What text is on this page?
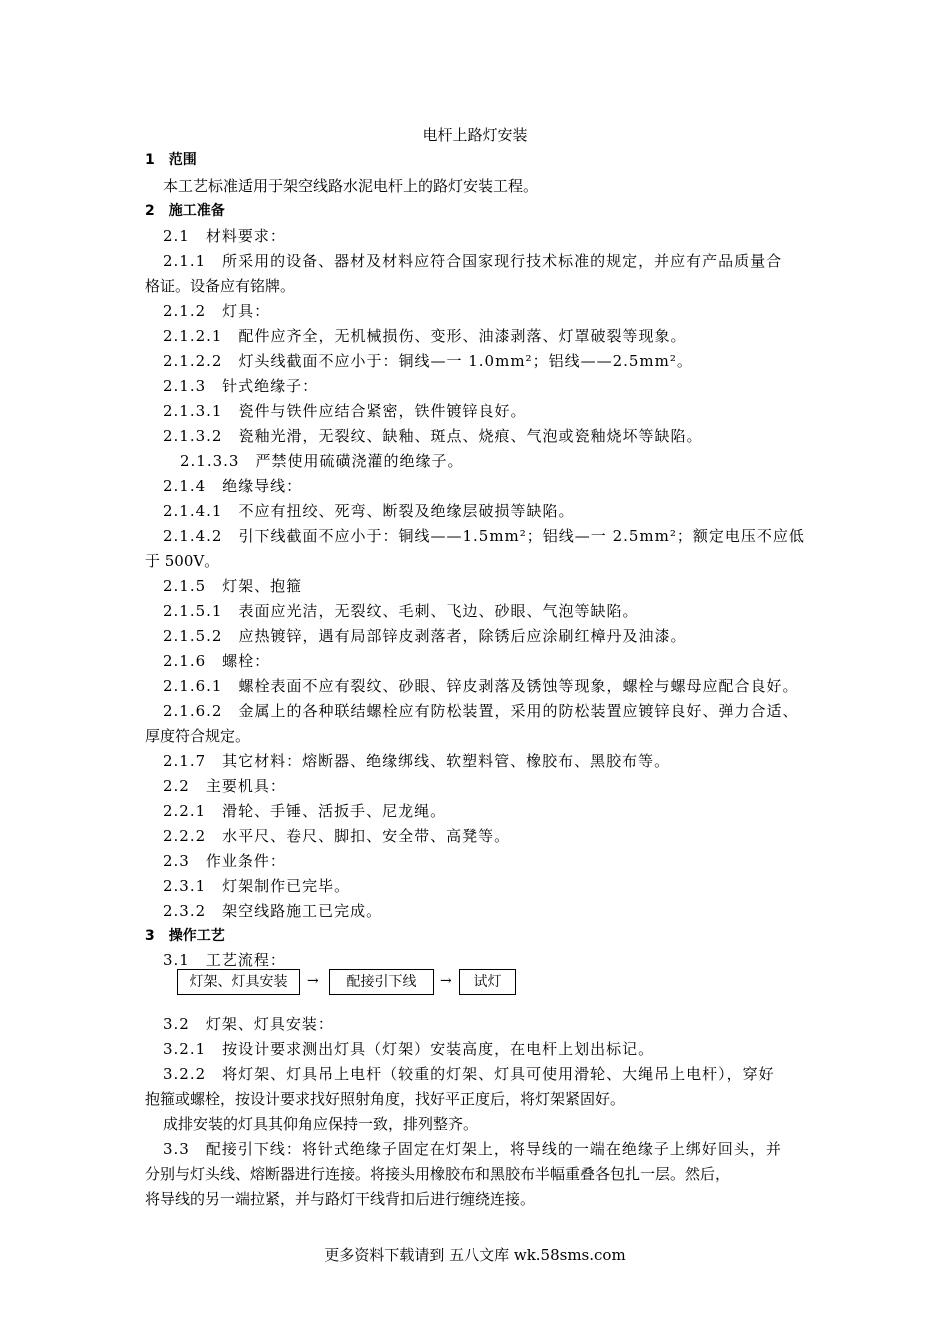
电杆上路灯安装
1　范围
本工艺标准适用于架空线路水泥电杆上的路灯安装工程。
2　施工准备
2.1　材料要求：
2.1.1　所采用的设备、器材及材料应符合国家现行技术标准的规定，并应有产品质量合
格证。设备应有铭牌。
2.1.2　灯具：
2.1.2.1　配件应齐全，无机械损伤、变形、油漆剥落、灯罩破裂等现象。
2.1.2.2　灯头线截面不应小于：铜线—一 1.0mm²；铝线——2.5mm²。
2.1.3　针式绝缘子：
2.1.3.1　瓷件与铁件应结合紧密，铁件镀锌良好。
2.1.3.2　瓷釉光滑，无裂纹、缺釉、斑点、烧痕、气泡或瓷釉烧坏等缺陷。
2.1.3.3　严禁使用硫磺浇灌的绝缘子。
2.1.4　绝缘导线：
2.1.4.1　不应有扭绞、死弯、断裂及绝缘层破损等缺陷。
2.1.4.2　引下线截面不应小于：铜线——1.5mm²；铝线—一 2.5mm²；额定电压不应低
于 500V。
2.1.5　灯架、抱箍
2.1.5.1　表面应光洁，无裂纹、毛刺、飞边、砂眼、气泡等缺陷。
2.1.5.2　应热镀锌，遇有局部锌皮剥落者，除锈后应涂刷红樟丹及油漆。
2.1.6　螺栓：
2.1.6.1　螺栓表面不应有裂纹、砂眼、锌皮剥落及锈蚀等现象，螺栓与螺母应配合良好。
2.1.6.2　金属上的各种联结螺栓应有防松装置，采用的防松装置应镀锌良好、弹力合适、
厚度符合规定。
2.1.7　其它材料：熔断器、绝缘绑线、软塑料管、橡胶布、黑胶布等。
2.2　主要机具：
2.2.1　滑轮、手锤、活扳手、尼龙绳。
2.2.2　水平尺、卷尺、脚扣、安全带、高凳等。
2.3　作业条件：
2.3.1　灯架制作已完毕。
2.3.2　架空线路施工已完成。
3　操作工艺
3.1　工艺流程：
灯架、灯具安装	→	配接引下线	→	试灯
3.2　灯架、灯具安装：
3.2.1　按设计要求测出灯具（灯架）安装高度，在电杆上划出标记。
3.2.2　将灯架、灯具吊上电杆（较重的灯架、灯具可使用滑轮、大绳吊上电杆），穿好
抱箍或螺栓，按设计要求找好照射角度，找好平正度后，将灯架紧固好。
成排安装的灯具其仰角应保持一致，排列整齐。
3.3　配接引下线：将针式绝缘子固定在灯架上，将导线的一端在绝缘子上绑好回头，并
分别与灯头线、熔断器进行连接。将接头用橡胶布和黑胶布半幅重叠各包扎一层。然后，
将导线的另一端拉紧，并与路灯干线背扣后进行缠绕连接。
更多资料下载请到 五八文库 wk.58sms.com
